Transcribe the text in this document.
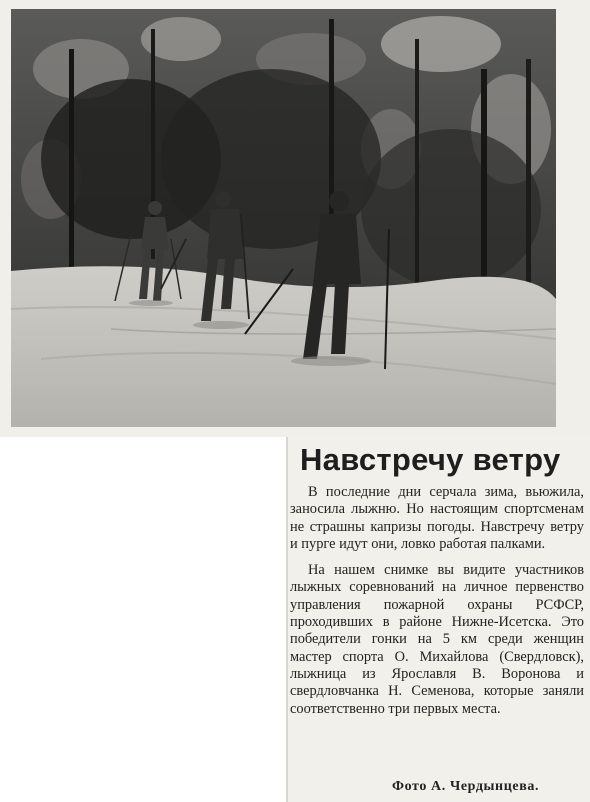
Навстречу ветру

В последние дни серчала зима, вьюжила, заносила лыжню. Но настоящим спортсменам не страшны капризы погоды. Навстречу ветру и пурге идут они, ловко работая палками.

На нашем снимке вы видите участников лыжных соревнований на личное первенство управления пожарной охраны РСФСР, проходивших в районе Нижне-Исетска. Это победители гонки на 5 км среди женщин мастер спорта О. Михайлова (Свердловск), лыжница из Ярославля В. Воронова и свердловчанка Н. Семенова, которые заняли соответственно три первых места.

Фото А. Чердынцева.
